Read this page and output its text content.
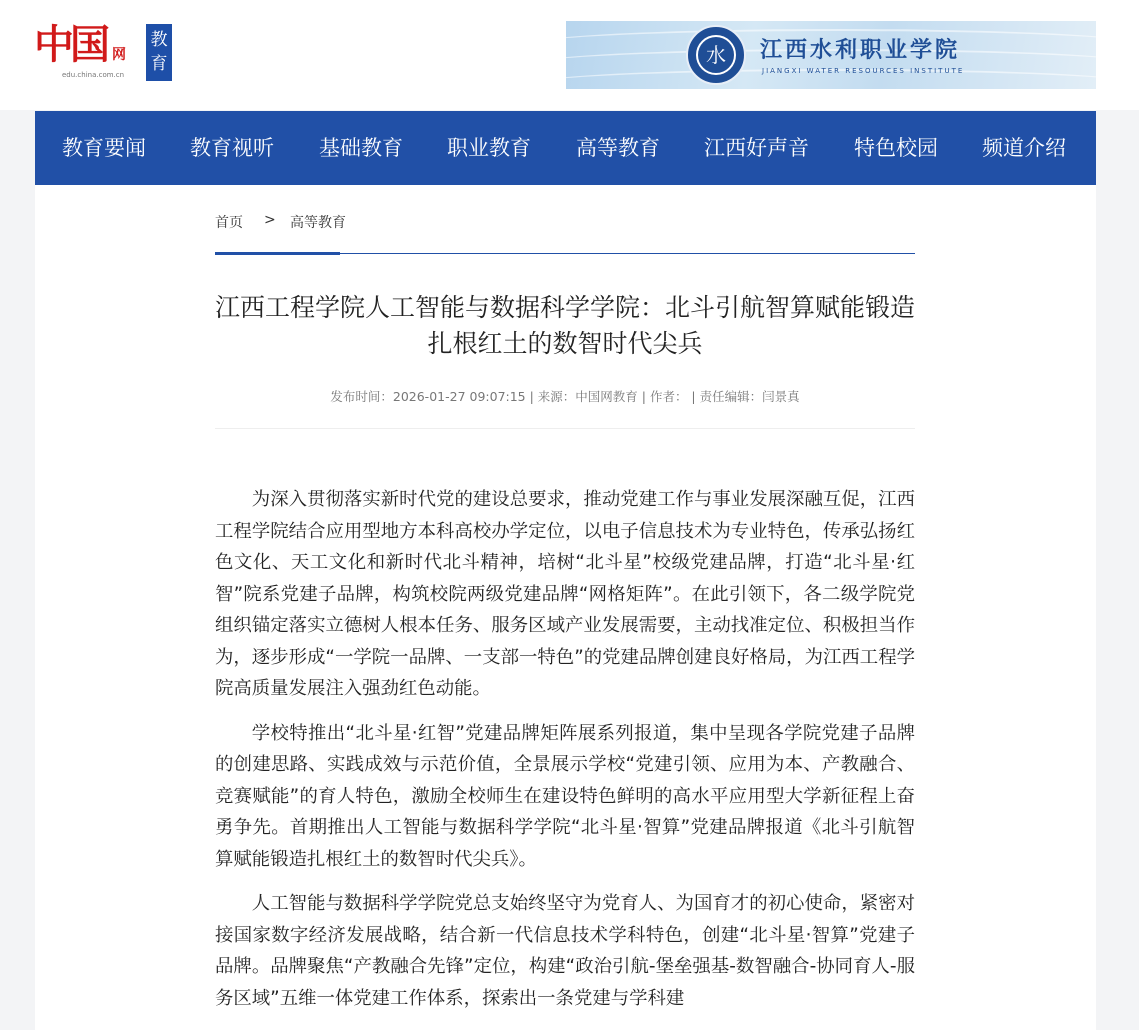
中国 网
edu.china.com.cn
教育	水	江西水利职业学院
JIANGXI WATER RESOURCES INSTITUTE
教育要闻 教育视听 基础教育 职业教育 高等教育 江西好声音 特色校园 频道介绍
首页 > 高等教育
江西工程学院人工智能与数据科学学院：北斗引航智算赋能锻造扎根红土的数智时代尖兵
发布时间：2026-01-27 09:07:15 | 来源：中国网教育 | 作者： | 责任编辑：闫景真

为深入贯彻落实新时代党的建设总要求，推动党建工作与事业发展深融互促，江西工程学院结合应用型地方本科高校办学定位，以电子信息技术为专业特色，传承弘扬红色文化、天工文化和新时代北斗精神，培树“北斗星”校级党建品牌，打造“北斗星·红智”院系党建子品牌，构筑校院两级党建品牌“网格矩阵”。在此引领下，各二级学院党组织锚定落实立德树人根本任务、服务区域产业发展需要，主动找准定位、积极担当作为，逐步形成“一学院一品牌、一支部一特色”的党建品牌创建良好格局，为江西工程学院高质量发展注入强劲红色动能。

学校特推出“北斗星·红智”党建品牌矩阵展系列报道，集中呈现各学院党建子品牌的创建思路、实践成效与示范价值，全景展示学校“党建引领、应用为本、产教融合、竞赛赋能”的育人特色，激励全校师生在建设特色鲜明的高水平应用型大学新征程上奋勇争先。首期推出人工智能与数据科学学院“北斗星·智算”党建品牌报道《北斗引航智算赋能锻造扎根红土的数智时代尖兵》。

人工智能与数据科学学院党总支始终坚守为党育人、为国育才的初心使命，紧密对接国家数字经济发展战略，结合新一代信息技术学科特色，创建“北斗星·智算”党建子品牌。品牌聚焦“产教融合先锋”定位，构建“政治引航-堡垒强基-数智融合-协同育人-服务区域”五维一体党建工作体系，探索出一条党建与学科建
